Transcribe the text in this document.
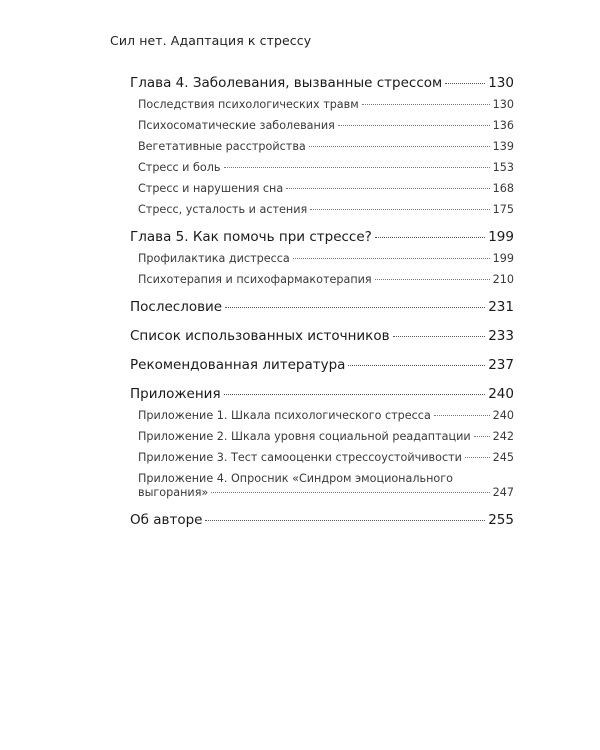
Сил нет. Адаптация к стрессу
Глава 4. Заболевания, вызванные стрессом	130
Последствия психологических травм	130
Психосоматические заболевания	136
Вегетативные расстройства	139
Стресс и боль	153
Стресс и нарушения сна	168
Стресс, усталость и астения	175
Глава 5. Как помочь при стрессе?	199
Профилактика дистресса	199
Психотерапия и психофармакотерапия	210
Послесловие	231
Список использованных источников	233
Рекомендованная литература	237
Приложения	240
Приложение 1. Шкала психологического стресса	240
Приложение 2. Шкала уровня социальной реадаптации 242
Приложение 3. Тест самооценки стрессоустойчивости	245
Приложение 4. Опросник «Синдром эмоционального
выгорания»	247
Об авторе	255
